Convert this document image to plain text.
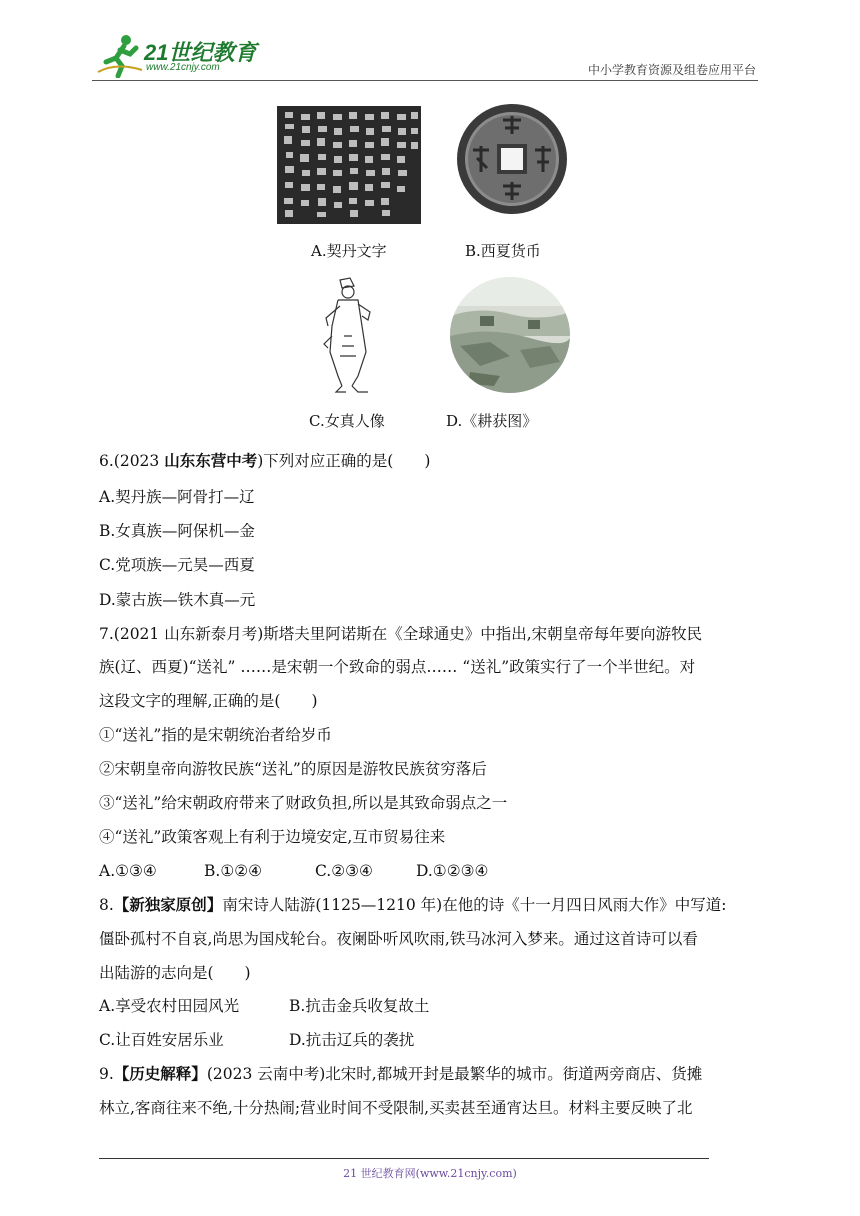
21世纪教育
www.21cnjy.com	中小学教育资源及组卷应用平台
A.契丹文字	B.西夏货币
C.女真人像	D.《耕获图》
6.(2023 山东东营中考)下列对应正确的是(　　)
A.契丹族—阿骨打—辽
B.女真族—阿保机—金
C.党项族—元昊—西夏
D.蒙古族—铁木真—元
7.(2021 山东新泰月考)斯塔夫里阿诺斯在《全球通史》中指出,宋朝皇帝每年要向游牧民
族(辽、西夏)“送礼” ……是宋朝一个致命的弱点…… “送礼”政策实行了一个半世纪。对
这段文字的理解,正确的是(　　)
①“送礼”指的是宋朝统治者给岁币
②宋朝皇帝向游牧民族“送礼”的原因是游牧民族贫穷落后
③“送礼”给宋朝政府带来了财政负担,所以是其致命弱点之一
④“送礼”政策客观上有利于边境安定,互市贸易往来
A.①③④	B.①②④	C.②③④	D.①②③④
8.【新独家原创】南宋诗人陆游(1125—1210 年)在他的诗《十一月四日风雨大作》中写道:
僵卧孤村不自哀,尚思为国戍轮台。夜阑卧听风吹雨,铁马冰河入梦来。通过这首诗可以看
出陆游的志向是(　　)
A.享受农村田园风光	B.抗击金兵收复故土
C.让百姓安居乐业	D.抗击辽兵的袭扰
9.【历史解释】(2023 云南中考)北宋时,都城开封是最繁华的城市。街道两旁商店、货摊
林立,客商往来不绝,十分热闹;营业时间不受限制,买卖甚至通宵达旦。材料主要反映了北
21 世纪教育网(www.21cnjy.com)
